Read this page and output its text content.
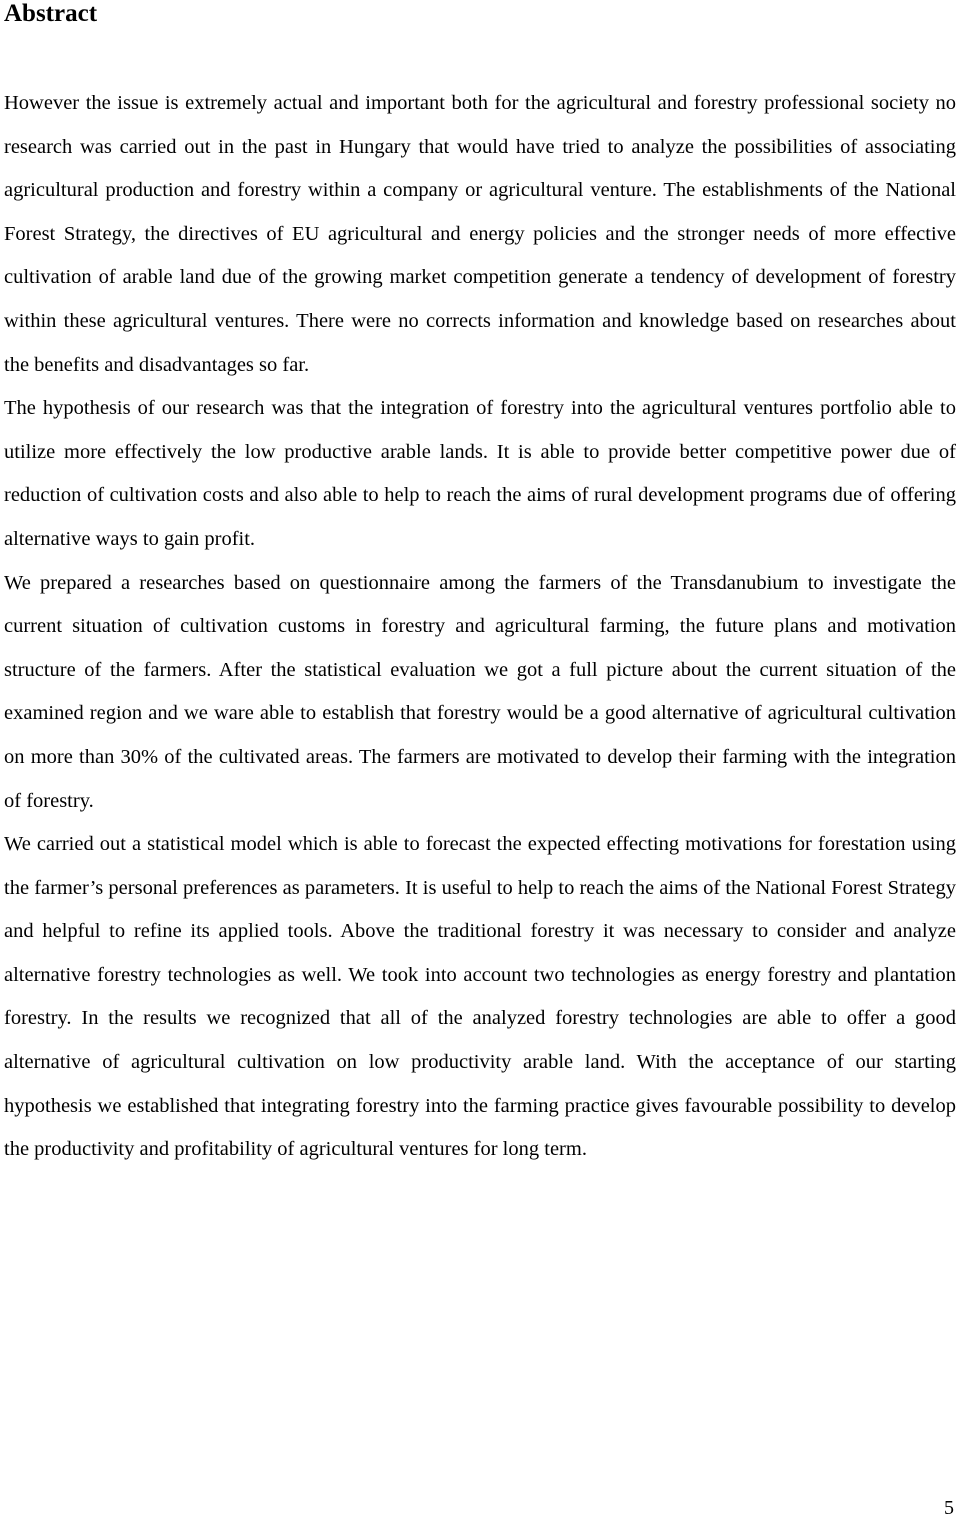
Abstract

However the issue is extremely actual and important both for the agricultural and forestry professional society no research was carried out in the past in Hungary that would have tried to analyze the possibilities of associating agricultural production and forestry within a company or agricultural venture. The establishments of the National Forest Strategy, the directives of EU agricultural and energy policies and the stronger needs of more effective cultivation of arable land due of the growing market competition generate a tendency of development of forestry within these agricultural ventures. There were no corrects information and knowledge based on researches about the benefits and disadvantages so far.

The hypothesis of our research was that the integration of forestry into the agricultural ventures portfolio able to utilize more effectively the low productive arable lands. It is able to provide better competitive power due of reduction of cultivation costs and also able to help to reach the aims of rural development programs due of offering alternative ways to gain profit.

We prepared a researches based on questionnaire among the farmers of the Transdanubium to investigate the current situation of cultivation customs in forestry and agricultural farming, the future plans and motivation structure of the farmers. After the statistical evaluation we got a full picture about the current situation of the examined region and we ware able to establish that forestry would be a good alternative of agricultural cultivation on more than 30% of the cultivated areas. The farmers are motivated to develop their farming with the integration of forestry.

We carried out a statistical model which is able to forecast the expected effecting motivations for forestation using the farmer’s personal preferences as parameters. It is useful to help to reach the aims of the National Forest Strategy and helpful to refine its applied tools. Above the traditional forestry it was necessary to consider and analyze alternative forestry technologies as well. We took into account two technologies as energy forestry and plantation forestry. In the results we recognized that all of the analyzed forestry technologies are able to offer a good alternative of agricultural cultivation on low productivity arable land. With the acceptance of our starting hypothesis we established that integrating forestry into the farming practice gives favourable possibility to develop the productivity and profitability of agricultural ventures for long term.

5
